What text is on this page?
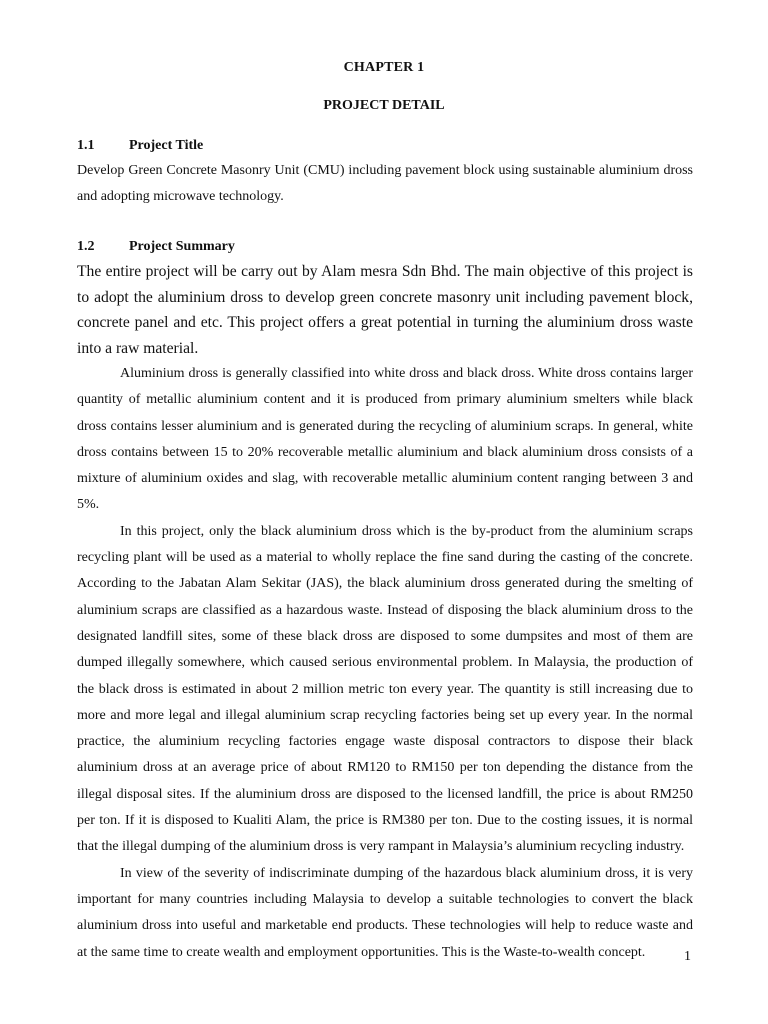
CHAPTER 1
PROJECT DETAIL
1.1 Project Title

Develop Green Concrete Masonry Unit (CMU) including pavement block using sustainable aluminium dross and adopting microwave technology.

1.2 Project Summary

The entire project will be carry out by Alam mesra Sdn Bhd. The main objective of this project is to adopt the aluminium dross to develop green concrete masonry unit including pavement block, concrete panel and etc. This project offers a great potential in turning the aluminium dross waste into a raw material.

Aluminium dross is generally classified into white dross and black dross. White dross contains larger quantity of metallic aluminium content and it is produced from primary aluminium smelters while black dross contains lesser aluminium and is generated during the recycling of aluminium scraps. In general, white dross contains between 15 to 20% recoverable metallic aluminium and black aluminium dross consists of a mixture of aluminium oxides and slag, with recoverable metallic aluminium content ranging between 3 and 5%.

In this project, only the black aluminium dross which is the by-product from the aluminium scraps recycling plant will be used as a material to wholly replace the fine sand during the casting of the concrete. According to the Jabatan Alam Sekitar (JAS), the black aluminium dross generated during the smelting of aluminium scraps are classified as a hazardous waste. Instead of disposing the black aluminium dross to the designated landfill sites, some of these black dross are disposed to some dumpsites and most of them are dumped illegally somewhere, which caused serious environmental problem. In Malaysia, the production of the black dross is estimated in about 2 million metric ton every year. The quantity is still increasing due to more and more legal and illegal aluminium scrap recycling factories being set up every year. In the normal practice, the aluminium recycling factories engage waste disposal contractors to dispose their black aluminium dross at an average price of about RM120 to RM150 per ton depending the distance from the illegal disposal sites. If the aluminium dross are disposed to the licensed landfill, the price is about RM250 per ton. If it is disposed to Kualiti Alam, the price is RM380 per ton. Due to the costing issues, it is normal that the illegal dumping of the aluminium dross is very rampant in Malaysia’s aluminium recycling industry.

In view of the severity of indiscriminate dumping of the hazardous black aluminium dross, it is very important for many countries including Malaysia to develop a suitable technologies to convert the black aluminium dross into useful and marketable end products. These technologies will help to reduce waste and at the same time to create wealth and employment opportunities. This is the Waste-to-wealth concept.	1
